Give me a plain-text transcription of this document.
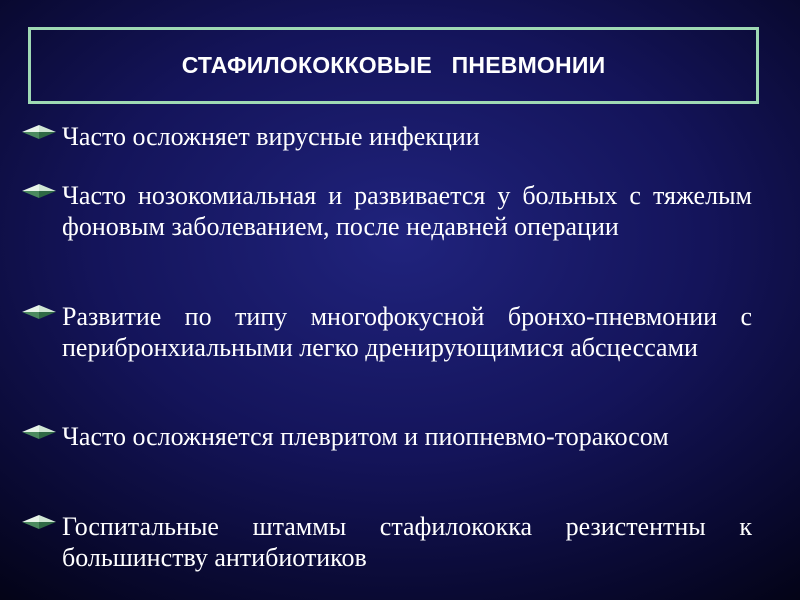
СТАФИЛОКОККОВЫЕ   ПНЕВМОНИИ
Часто осложняет вирусные инфекции
Часто нозокомиальная и развивается у больных с тяжелым фоновым заболеванием, после недавней операции
Развитие по типу многофокусной бронхо-пневмонии с перибронхиальными легко дренирующимися абсцессами
Часто осложняется плевритом и пиопневмо-торакосом
Госпитальные штаммы стафилококка резистентны к большинству антибиотиков
